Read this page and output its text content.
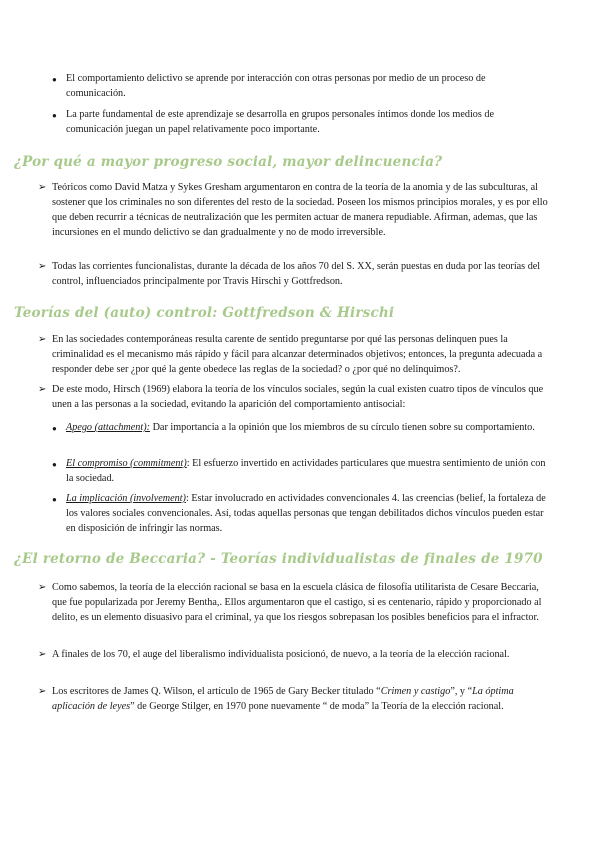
● El comportamiento delictivo se aprende por interacción con otras personas por medio de un proceso de comunicación.

● La parte fundamental de este aprendizaje se desarrolla en grupos personales íntimos donde los medios de comunicación juegan un papel relativamente poco importante.

¿Por qué a mayor progreso social, mayor delincuencia?
➢ Teóricos como David Matza y Sykes Gresham argumentaron en contra de la teoría de la anomia y de las subculturas, al sostener que los criminales no son diferentes del resto de la sociedad. Poseen los mismos principios morales, y es por ello que deben recurrir a técnicas de neutralización que les permiten actuar de manera repudiable. Afirman, ademas, que las incursiones en el mundo delictivo se dan gradualmente y no de modo irreversible.

➢ Todas las corrientes funcionalistas, durante la década de los años 70 del S. XX, serán puestas en duda por las teorías del control, influenciados principalmente por Travis Hirschi y Gottfredson.

Teorías del (auto) control: Gottfredson & Hirschi
➢ En las sociedades contemporáneas resulta carente de sentido preguntarse por qué las personas delinquen pues la criminalidad es el mecanismo más rápido y fácil para alcanzar determinados objetivos; entonces, la pregunta adecuada a responder debe ser ¿por qué la gente obedece las reglas de la sociedad? o ¿por qué no delinquimos?.

➢ De este modo, Hirsch (1969) elabora la teoría de los vínculos sociales, según la cual existen cuatro tipos de vínculos que unen a las personas a la sociedad, evitando la aparición del comportamiento antisocial:

● Apego (attachment): Dar importancia a la opinión que los miembros de su círculo tienen sobre su comportamiento.

● El compromiso (commitment): El esfuerzo invertido en actividades particulares que muestra sentimiento de unión con la sociedad.

● La implicación (involvement): Estar involucrado en actividades convencionales 4. las creencias (belief, la fortaleza de los valores sociales convencionales. Así, todas aquellas personas que tengan debilitados dichos vínculos pueden estar en disposición de infringir las normas.

¿El retorno de Beccaria? - Teorías individualistas de finales de 1970
➢ Como sabemos, la teoría de la elección racional se basa en la escuela clásica de filosofía utilitarista de Cesare Beccaria, que fue popularizada por Jeremy Bentha,. Ellos argumentaron que el castigo, si es centenario, rápido y proporcionado al delito, es un elemento disuasivo para el criminal, ya que los riesgos sobrepasan los posibles beneficios para el infractor.

➢ A finales de los 70, el auge del liberalismo individualista posicionó, de nuevo, a la teoría de la elección racional.

➢ Los escritores de James Q. Wilson, el artículo de 1965 de Gary Becker titulado “Crimen y castigo”, y “La óptima aplicación de leyes” de George Stilger, en 1970 pone nuevamente “ de moda” la Teoría de la elección racional.
